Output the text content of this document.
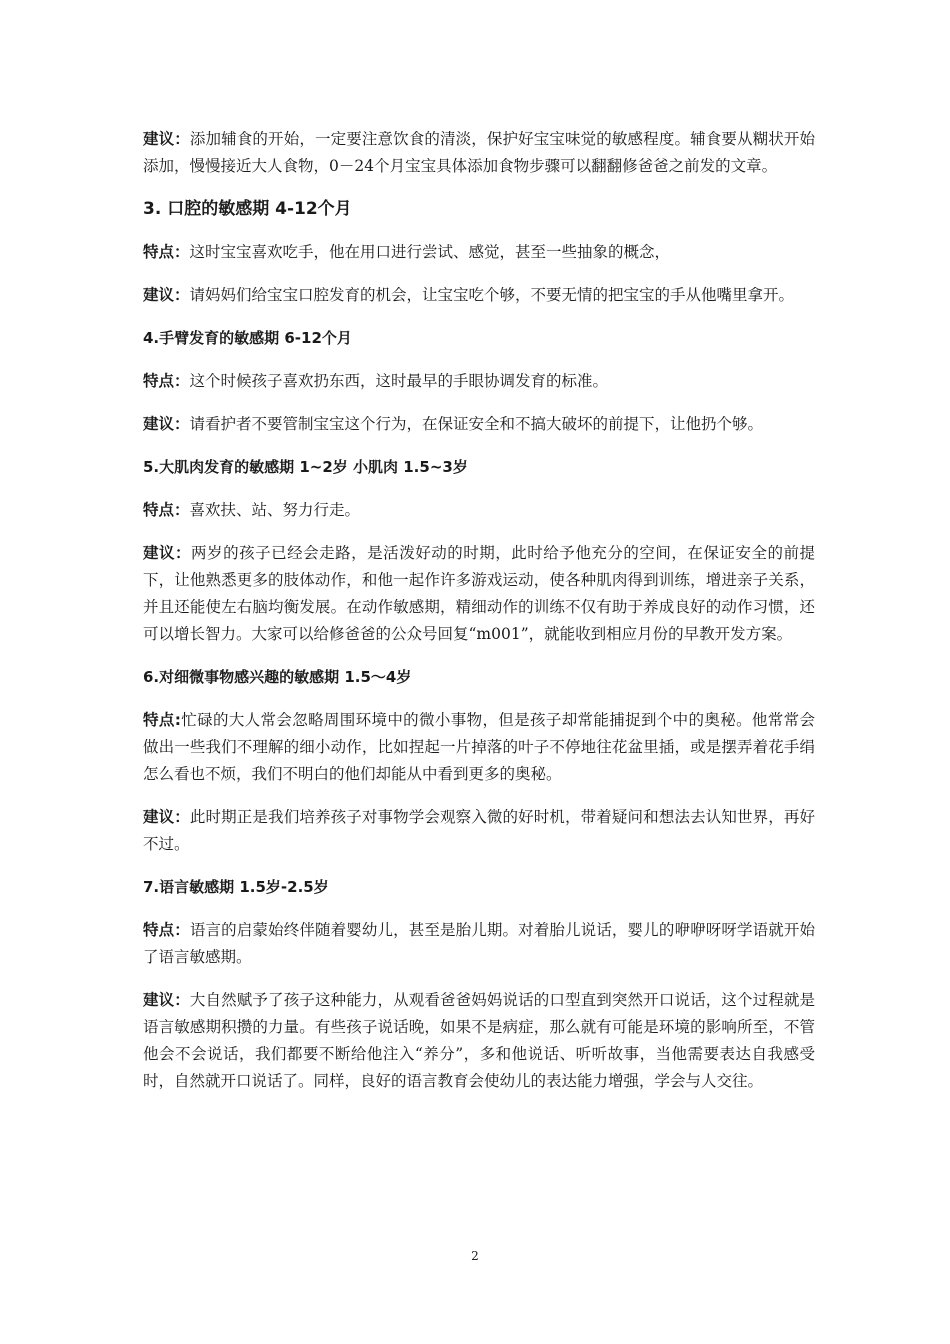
建议：添加辅食的开始，一定要注意饮食的清淡，保护好宝宝味觉的敏感程度。辅食要从糊状开始添加，慢慢接近大人食物，0－24个月宝宝具体添加食物步骤可以翻翻修爸爸之前发的文章。

3. 口腔的敏感期 4-12个月

特点：这时宝宝喜欢吃手，他在用口进行尝试、感觉，甚至一些抽象的概念，

建议：请妈妈们给宝宝口腔发育的机会，让宝宝吃个够，不要无情的把宝宝的手从他嘴里拿开。

4.手臂发育的敏感期 6-12个月

特点：这个时候孩子喜欢扔东西，这时最早的手眼协调发育的标准。

建议：请看护者不要管制宝宝这个行为，在保证安全和不搞大破坏的前提下，让他扔个够。

5.大肌肉发育的敏感期 1~2岁 小肌肉 1.5~3岁

特点：喜欢扶、站、努力行走。

建议：两岁的孩子已经会走路，是活泼好动的时期，此时给予他充分的空间，在保证安全的前提下，让他熟悉更多的肢体动作，和他一起作许多游戏运动，使各种肌肉得到训练，增进亲子关系，并且还能使左右脑均衡发展。在动作敏感期，精细动作的训练不仅有助于养成良好的动作习惯，还可以增长智力。大家可以给修爸爸的公众号回复“m001”，就能收到相应月份的早教开发方案。

6.对细微事物感兴趣的敏感期 1.5～4岁

特点:忙碌的大人常会忽略周围环境中的微小事物，但是孩子却常能捕捉到个中的奥秘。他常常会做出一些我们不理解的细小动作，比如捏起一片掉落的叶子不停地往花盆里插，或是摆弄着花手绢怎么看也不烦，我们不明白的他们却能从中看到更多的奥秘。

建议：此时期正是我们培养孩子对事物学会观察入微的好时机，带着疑问和想法去认知世界，再好不过。

7.语言敏感期 1.5岁-2.5岁

特点：语言的启蒙始终伴随着婴幼儿，甚至是胎儿期。对着胎儿说话，婴儿的咿咿呀呀学语就开始了语言敏感期。

建议：大自然赋予了孩子这种能力，从观看爸爸妈妈说话的口型直到突然开口说话，这个过程就是语言敏感期积攒的力量。有些孩子说话晚，如果不是病症，那么就有可能是环境的影响所至，不管他会不会说话，我们都要不断给他注入“养分”，多和他说话、听听故事，当他需要表达自我感受时，自然就开口说话了。同样，良好的语言教育会使幼儿的表达能力增强，学会与人交往。

2
